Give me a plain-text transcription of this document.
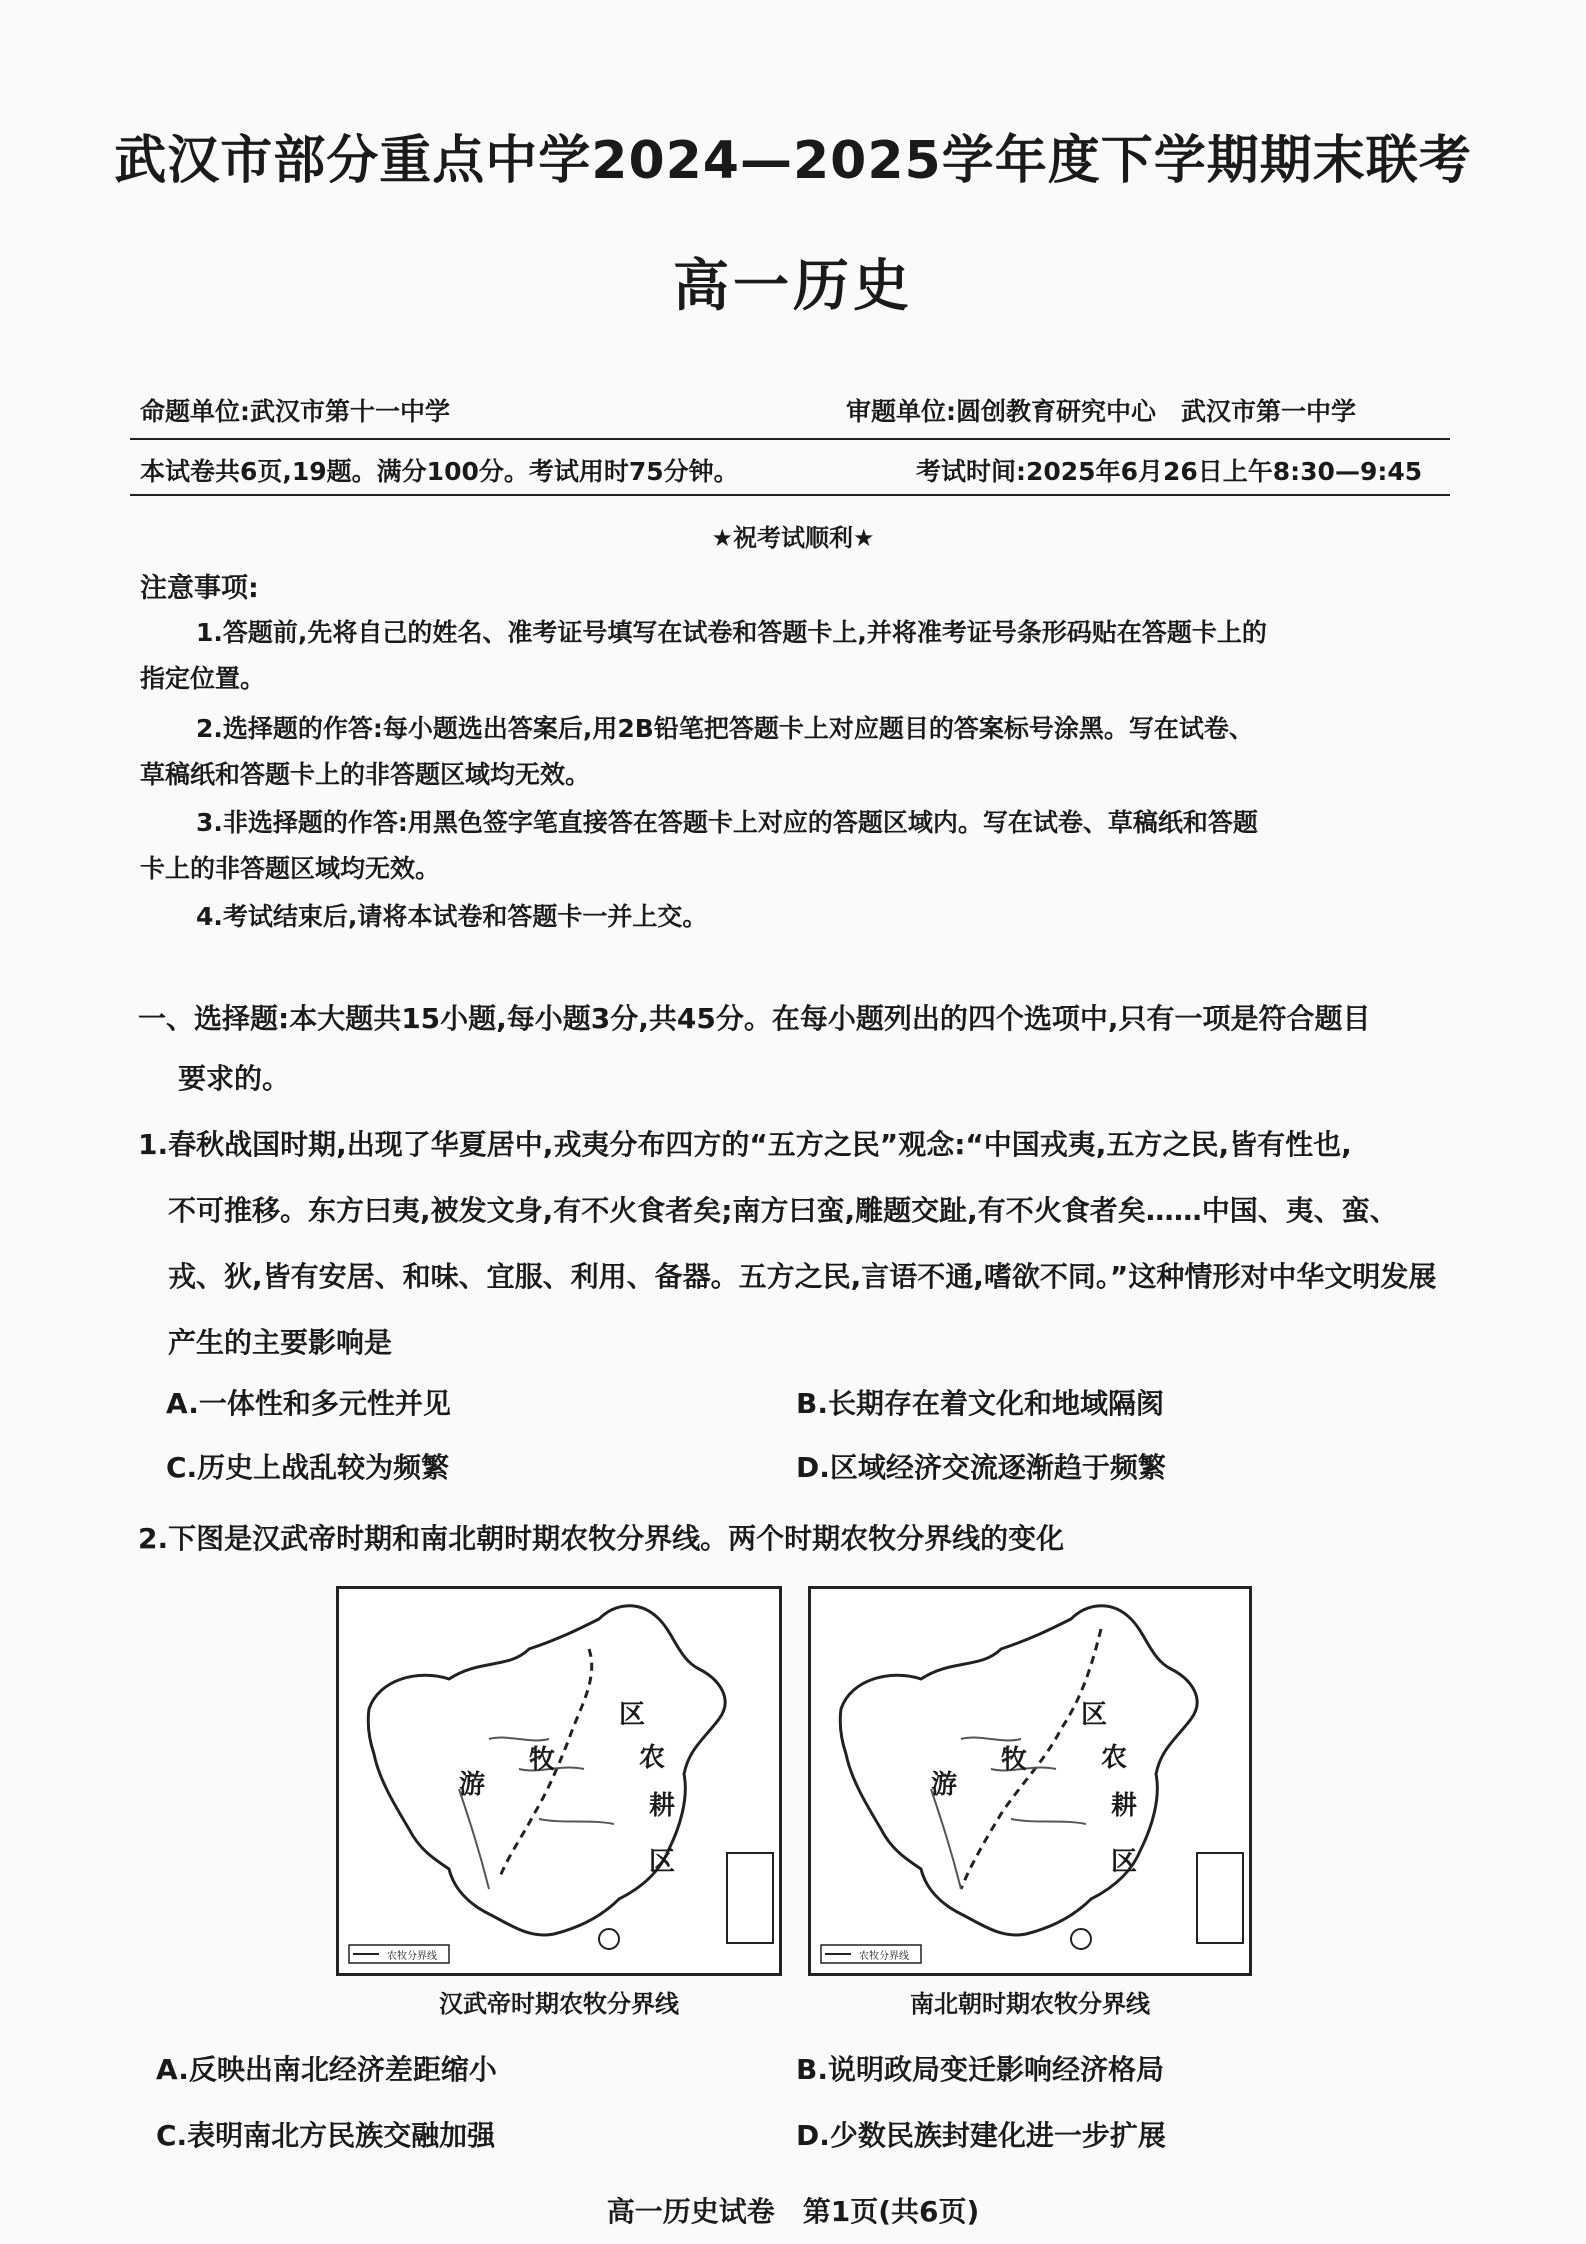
武汉市部分重点中学2024—2025学年度下学期期末联考
高一历史
命题单位:武汉市第十一中学	审题单位:圆创教育研究中心　武汉市第一中学
本试卷共6页,19题。满分100分。考试用时75分钟。	考试时间:2025年6月26日上午8:30—9:45
★祝考试顺利★
注意事项:
1.答题前,先将自己的姓名、准考证号填写在试卷和答题卡上,并将准考证号条形码贴在答题卡上的
指定位置。
2.选择题的作答:每小题选出答案后,用2B铅笔把答题卡上对应题目的答案标号涂黑。写在试卷、
草稿纸和答题卡上的非答题区域均无效。
3.非选择题的作答:用黑色签字笔直接答在答题卡上对应的答题区域内。写在试卷、草稿纸和答题
卡上的非答题区域均无效。
4.考试结束后,请将本试卷和答题卡一并上交。
一、选择题:本大题共15小题,每小题3分,共45分。在每小题列出的四个选项中,只有一项是符合题目
要求的。
1.春秋战国时期,出现了华夏居中,戎夷分布四方的“五方之民”观念:“中国戎夷,五方之民,皆有性也,
不可推移。东方曰夷,被发文身,有不火食者矣;南方曰蛮,雕题交趾,有不火食者矣……中国、夷、蛮、
戎、狄,皆有安居、和味、宜服、利用、备器。五方之民,言语不通,嗜欲不同。”这种情形对中华文明发展
产生的主要影响是
A.一体性和多元性并见	B.长期存在着文化和地域隔阂
C.历史上战乱较为频繁	D.区域经济交流逐渐趋于频繁
2.下图是汉武帝时期和南北朝时期农牧分界线。两个时期农牧分界线的变化
游
牧
区
农
耕
区
农牧分界线
汉武帝时期农牧分界线
游
牧
区
农
耕
区
农牧分界线
南北朝时期农牧分界线
A.反映出南北经济差距缩小	B.说明政局变迁影响经济格局
C.表明南北方民族交融加强	D.少数民族封建化进一步扩展
高一历史试卷　第1页(共6页)
